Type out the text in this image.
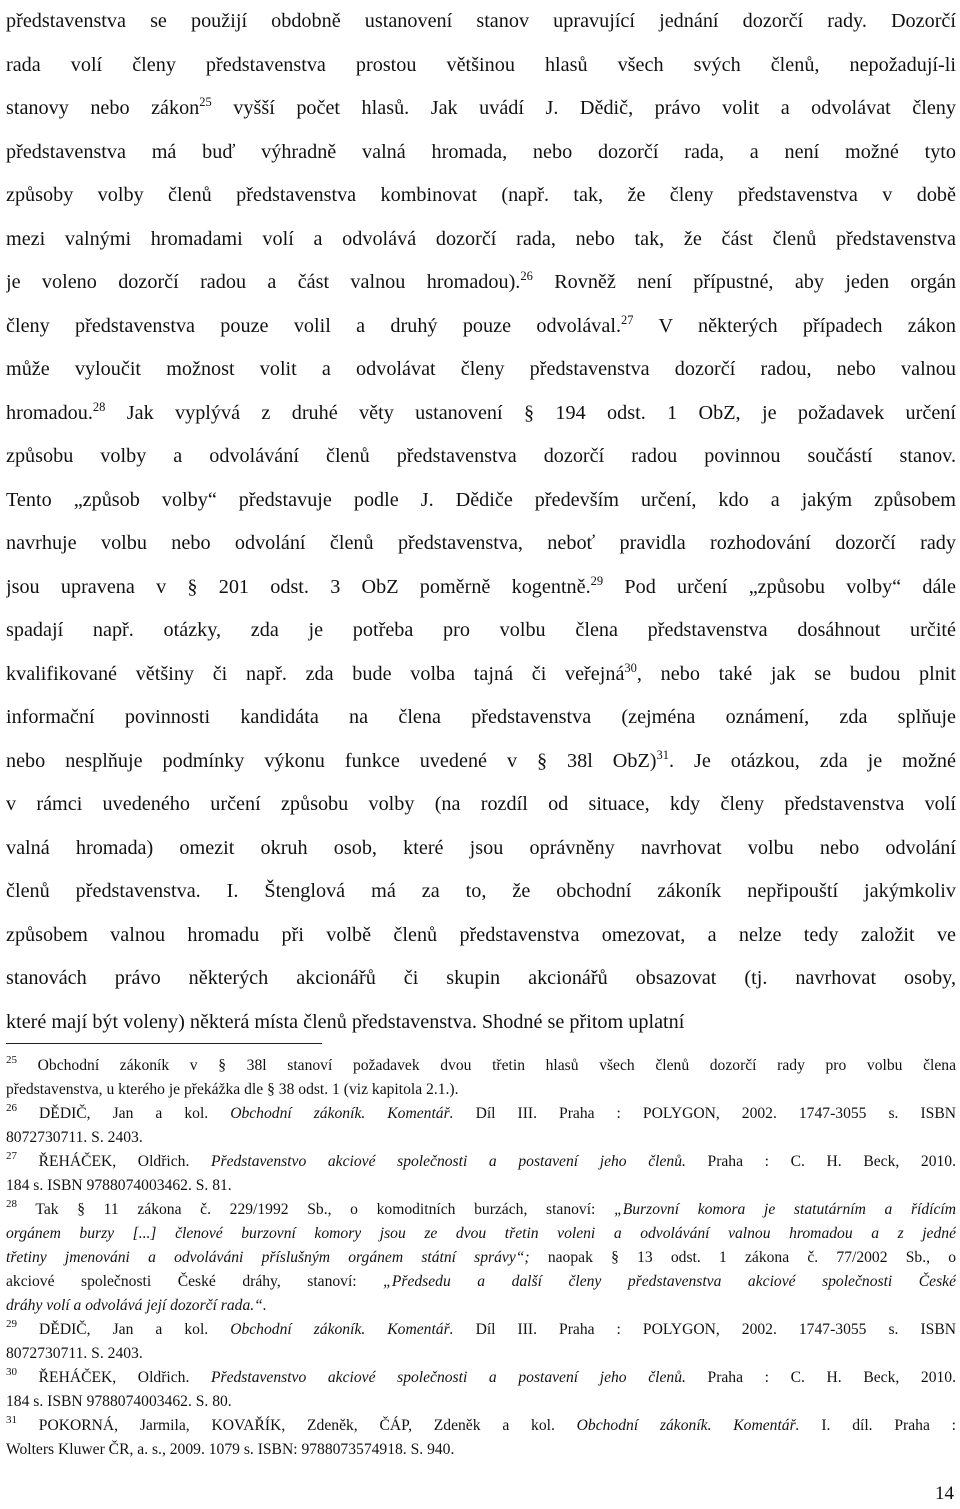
představenstva se použijí obdobně ustanovení stanov upravující jednání dozorčí rady. Dozorčí
rada volí členy představenstva prostou většinou hlasů všech svých členů, nepožadují-li
stanovy nebo zákon$^{25}$ vyšší počet hlasů. Jak uvádí J. Dědič, právo volit a odvolávat členy
představenstva má buď výhradně valná hromada, nebo dozorčí rada, a není možné tyto
způsoby volby členů představenstva kombinovat (např. tak, že členy představenstva v době
mezi valnými hromadami volí a odvolává dozorčí rada, nebo tak, že část členů představenstva
je voleno dozorčí radou a část valnou hromadou).$^{26}$ Rovněž není přípustné, aby jeden orgán
členy představenstva pouze volil a druhý pouze odvolával.$^{27}$ V některých případech zákon
může vyloučit možnost volit a odvolávat členy představenstva dozorčí radou, nebo valnou
hromadou.$^{28}$ Jak vyplývá z druhé věty ustanovení § 194 odst. 1 ObZ, je požadavek určení
způsobu volby a odvolávání členů představenstva dozorčí radou povinnou součástí stanov.
Tento „způsob volby“ představuje podle J. Dědiče především určení, kdo a jakým způsobem
navrhuje volbu nebo odvolání členů představenstva, neboť pravidla rozhodování dozorčí rady
jsou upravena v § 201 odst. 3 ObZ poměrně kogentně.$^{29}$ Pod určení „způsobu volby“ dále
spadají např. otázky, zda je potřeba pro volbu člena představenstva dosáhnout určité
kvalifikované většiny či např. zda bude volba tajná či veřejná$^{30}$, nebo také jak se budou plnit
informační povinnosti kandidáta na člena představenstva (zejména oznámení, zda splňuje
nebo nesplňuje podmínky výkonu funkce uvedené v § 38l ObZ)$^{31}$. Je otázkou, zda je možné
v rámci uvedeného určení způsobu volby (na rozdíl od situace, kdy členy představenstva volí
valná hromada) omezit okruh osob, které jsou oprávněny navrhovat volbu nebo odvolání
členů představenstva. I. Štenglová má za to, že obchodní zákoník nepřipouští jakýmkoliv
způsobem valnou hromadu při volbě členů představenstva omezovat, a nelze tedy založit ve
stanovách právo některých akcionářů či skupin akcionářů obsazovat (tj. navrhovat osoby,
které mají být voleny) některá místa členů představenstva. Shodné se přitom uplatní
$^{25}$ Obchodní zákoník v § 38l stanoví požadavek dvou třetin hlasů všech členů dozorčí rady pro volbu člena
představenstva, u kterého je překážka dle § 38 odst. 1 (viz kapitola 2.1.).
$^{26}$ DĚDIČ, Jan a kol. Obchodní zákoník. Komentář. Díl III. Praha : POLYGON, 2002. 1747-3055 s. ISBN
8072730711. S. 2403.
$^{27}$ ŘEHÁČEK, Oldřich. Představenstvo akciové společnosti a postavení jeho členů. Praha : C. H. Beck, 2010.
184 s. ISBN 9788074003462. S. 81.
$^{28}$ Tak § 11 zákona č. 229/1992 Sb., o komoditních burzách, stanoví: „Burzovní komora je statutárním a řídícím
orgánem burzy [...] členové burzovní komory jsou ze dvou třetin voleni a odvolávání valnou hromadou a z jedné
třetiny jmenováni a odvoláváni příslušným orgánem státní správy“; naopak § 13 odst. 1 zákona č. 77/2002 Sb., o
akciové společnosti České dráhy, stanoví: „Předsedu a další členy představenstva akciové společnosti České
dráhy volí a odvolává její dozorčí rada.“.
$^{29}$ DĚDIČ, Jan a kol. Obchodní zákoník. Komentář. Díl III. Praha : POLYGON, 2002. 1747-3055 s. ISBN
8072730711. S. 2403.
$^{30}$ ŘEHÁČEK, Oldřich. Představenstvo akciové společnosti a postavení jeho členů. Praha : C. H. Beck, 2010.
184 s. ISBN 9788074003462. S. 80.
$^{31}$ POKORNÁ, Jarmila, KOVAŘÍK, Zdeněk, ČÁP, Zdeněk a kol. Obchodní zákoník. Komentář. I. díl. Praha :
Wolters Kluwer ČR, a. s., 2009. 1079 s. ISBN: 9788073574918. S. 940.
14
